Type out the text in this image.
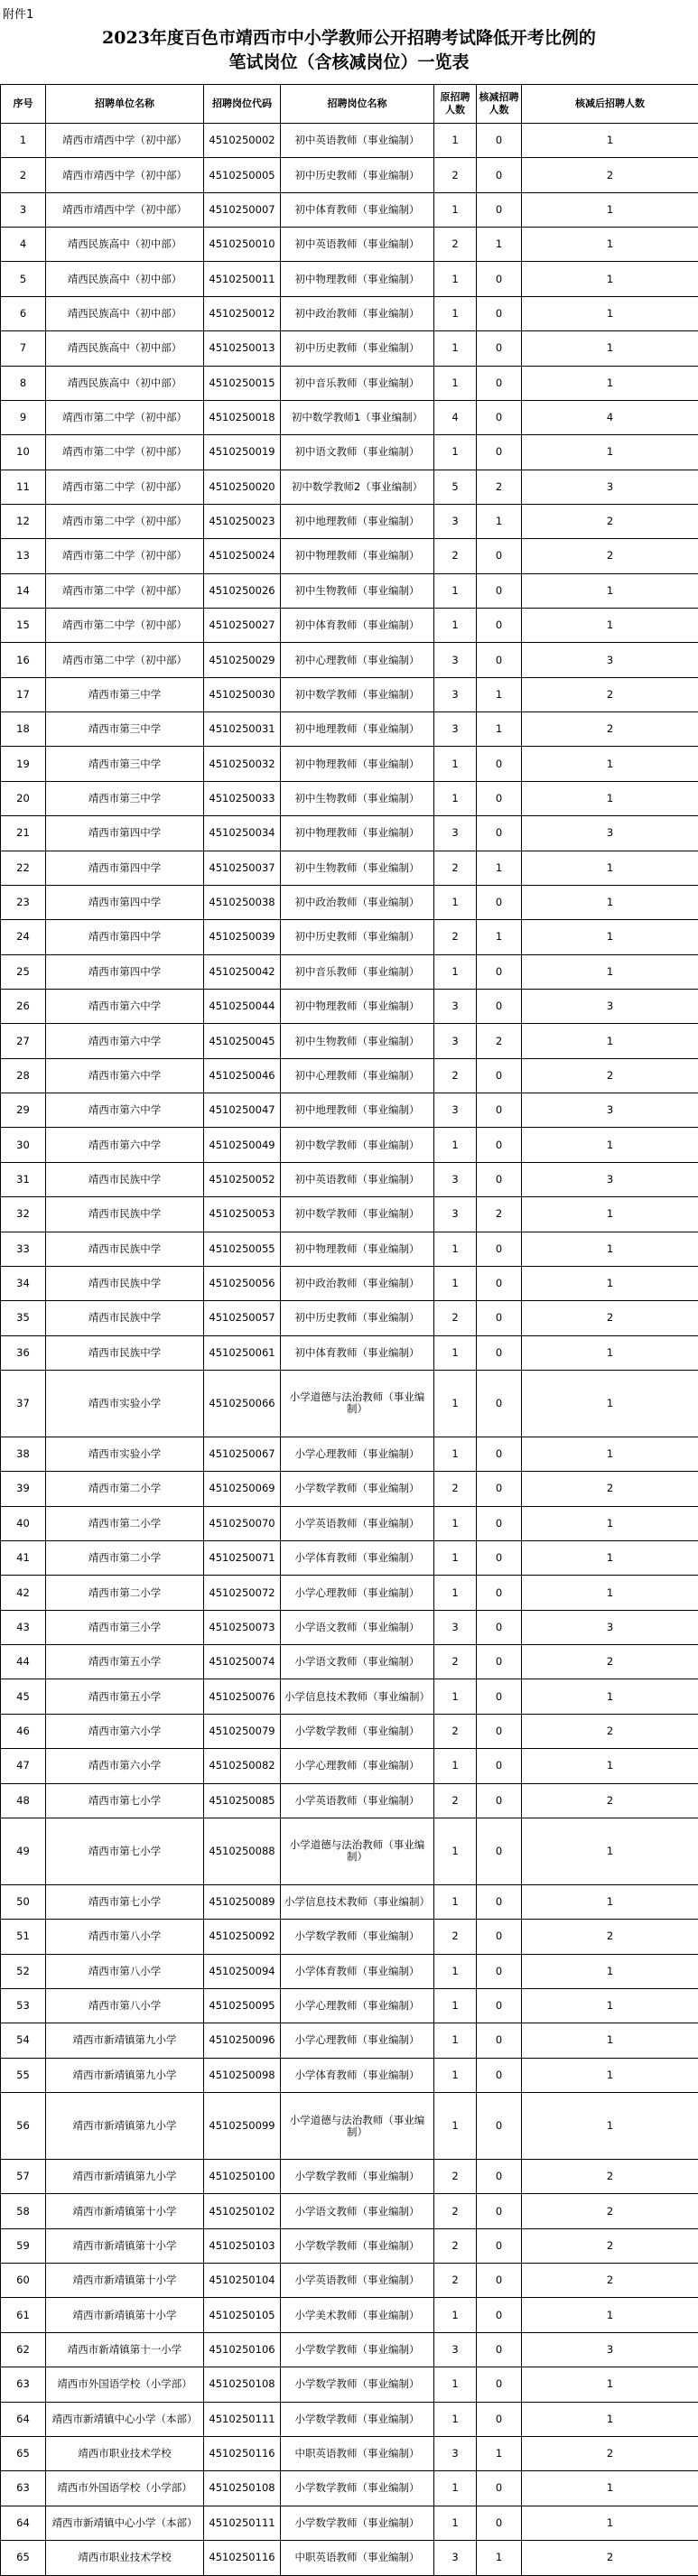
附件1
2023年度百色市靖西市中小学教师公开招聘考试降低开考比例的
笔试岗位（含核减岗位）一览表
序号	招聘单位名称	招聘岗位代码	招聘岗位名称	原招聘人数	核减招聘人数	核减后招聘人数
1	靖西市靖西中学（初中部）	4510250002	初中英语教师（事业编制）	1	0	1
2	靖西市靖西中学（初中部）	4510250005	初中历史教师（事业编制）	2	0	2
3	靖西市靖西中学（初中部）	4510250007	初中体育教师（事业编制）	1	0	1
4	靖西民族高中（初中部）	4510250010	初中英语教师（事业编制）	2	1	1
5	靖西民族高中（初中部）	4510250011	初中物理教师（事业编制）	1	0	1
6	靖西民族高中（初中部）	4510250012	初中政治教师（事业编制）	1	0	1
7	靖西民族高中（初中部）	4510250013	初中历史教师（事业编制）	1	0	1
8	靖西民族高中（初中部）	4510250015	初中音乐教师（事业编制）	1	0	1
9	靖西市第二中学（初中部）	4510250018	初中数学教师1（事业编制）	4	0	4
10	靖西市第二中学（初中部）	4510250019	初中语文教师（事业编制）	1	0	1
11	靖西市第二中学（初中部）	4510250020	初中数学教师2（事业编制）	5	2	3
12	靖西市第二中学（初中部）	4510250023	初中地理教师（事业编制）	3	1	2
13	靖西市第二中学（初中部）	4510250024	初中物理教师（事业编制）	2	0	2
14	靖西市第二中学（初中部）	4510250026	初中生物教师（事业编制）	1	0	1
15	靖西市第二中学（初中部）	4510250027	初中体育教师（事业编制）	1	0	1
16	靖西市第二中学（初中部）	4510250029	初中心理教师（事业编制）	3	0	3
17	靖西市第三中学	4510250030	初中数学教师（事业编制）	3	1	2
18	靖西市第三中学	4510250031	初中地理教师（事业编制）	3	1	2
19	靖西市第三中学	4510250032	初中物理教师（事业编制）	1	0	1
20	靖西市第三中学	4510250033	初中生物教师（事业编制）	1	0	1
21	靖西市第四中学	4510250034	初中物理教师（事业编制）	3	0	3
22	靖西市第四中学	4510250037	初中生物教师（事业编制）	2	1	1
23	靖西市第四中学	4510250038	初中政治教师（事业编制）	1	0	1
24	靖西市第四中学	4510250039	初中历史教师（事业编制）	2	1	1
25	靖西市第四中学	4510250042	初中音乐教师（事业编制）	1	0	1
26	靖西市第六中学	4510250044	初中物理教师（事业编制）	3	0	3
27	靖西市第六中学	4510250045	初中生物教师（事业编制）	3	2	1
28	靖西市第六中学	4510250046	初中心理教师（事业编制）	2	0	2
29	靖西市第六中学	4510250047	初中地理教师（事业编制）	3	0	3
30	靖西市第六中学	4510250049	初中数学教师（事业编制）	1	0	1
31	靖西市民族中学	4510250052	初中英语教师（事业编制）	3	0	3
32	靖西市民族中学	4510250053	初中数学教师（事业编制）	3	2	1
33	靖西市民族中学	4510250055	初中物理教师（事业编制）	1	0	1
34	靖西市民族中学	4510250056	初中政治教师（事业编制）	1	0	1
35	靖西市民族中学	4510250057	初中历史教师（事业编制）	2	0	2
36	靖西市民族中学	4510250061	初中体育教师（事业编制）	1	0	1
37	靖西市实验小学	4510250066	小学道德与法治教师（事业编制）	1	0	1
38	靖西市实验小学	4510250067	小学心理教师（事业编制）	1	0	1
39	靖西市第二小学	4510250069	小学数学教师（事业编制）	2	0	2
40	靖西市第二小学	4510250070	小学英语教师（事业编制）	1	0	1
41	靖西市第二小学	4510250071	小学体育教师（事业编制）	1	0	1
42	靖西市第二小学	4510250072	小学心理教师（事业编制）	1	0	1
43	靖西市第三小学	4510250073	小学语文教师（事业编制）	3	0	3
44	靖西市第五小学	4510250074	小学语文教师（事业编制）	2	0	2
45	靖西市第五小学	4510250076	小学信息技术教师（事业编制）	1	0	1
46	靖西市第六小学	4510250079	小学数学教师（事业编制）	2	0	2
47	靖西市第六小学	4510250082	小学心理教师（事业编制）	1	0	1
48	靖西市第七小学	4510250085	小学英语教师（事业编制）	2	0	2
49	靖西市第七小学	4510250088	小学道德与法治教师（事业编制）	1	0	1
50	靖西市第七小学	4510250089	小学信息技术教师（事业编制）	1	0	1
51	靖西市第八小学	4510250092	小学数学教师（事业编制）	2	0	2
52	靖西市第八小学	4510250094	小学体育教师（事业编制）	1	0	1
53	靖西市第八小学	4510250095	小学心理教师（事业编制）	1	0	1
54	靖西市新靖镇第九小学	4510250096	小学心理教师（事业编制）	1	0	1
55	靖西市新靖镇第九小学	4510250098	小学体育教师（事业编制）	1	0	1
56	靖西市新靖镇第九小学	4510250099	小学道德与法治教师（事业编制）	1	0	1
57	靖西市新靖镇第九小学	4510250100	小学数学教师（事业编制）	2	0	2
58	靖西市新靖镇第十小学	4510250102	小学语文教师（事业编制）	2	0	2
59	靖西市新靖镇第十小学	4510250103	小学数学教师（事业编制）	2	0	2
60	靖西市新靖镇第十小学	4510250104	小学英语教师（事业编制）	2	0	2
61	靖西市新靖镇第十小学	4510250105	小学美术教师（事业编制）	1	0	1
62	靖西市新靖镇第十一小学	4510250106	小学数学教师（事业编制）	3	0	3
63	靖西市外国语学校（小学部）	4510250108	小学数学教师（事业编制）	1	0	1
64	靖西市新靖镇中心小学（本部）	4510250111	小学数学教师（事业编制）	1	0	1
65	靖西市职业技术学校	4510250116	中职英语教师（事业编制）	3	1	2
63	靖西市外国语学校（小学部）	4510250108	小学数学教师（事业编制）	1	0	1
64	靖西市新靖镇中心小学（本部）	4510250111	小学数学教师（事业编制）	1	0	1
65	靖西市职业技术学校	4510250116	中职英语教师（事业编制）	3	1	2
